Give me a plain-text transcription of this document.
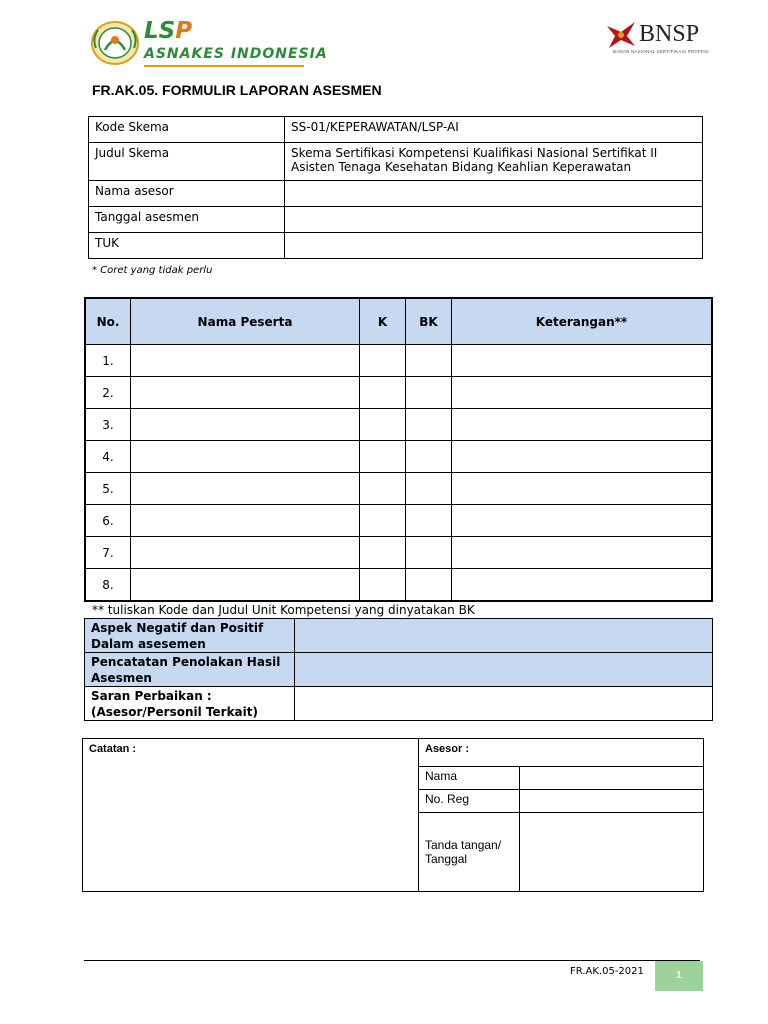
LSP
ASNAKES INDONESIA
BNSP
BADAN NASIONAL SERTIFIKASI PROFESI
FR.AK.05. FORMULIR LAPORAN ASESMEN
Kode Skema	SS-01/KEPERAWATAN/LSP-AI
Judul Skema	Skema Sertifikasi Kompetensi Kualifikasi Nasional Sertifikat II Asisten Tenaga Kesehatan Bidang Keahlian Keperawatan
Nama asesor	
Tanggal asesmen	
TUK	
* Coret yang tidak perlu
No.	Nama Peserta	K	BK	Keterangan**
1.				
2.				
3.				
4.				
5.				
6.				
7.				
8.				
** tuliskan Kode dan Judul Unit Kompetensi yang dinyatakan BK
Aspek Negatif dan Positif Dalam asesemen	
Pencatatan Penolakan Hasil Asesmen	
Saran Perbaikan : (Asesor/Personil Terkait)	
Catatan :	Asesor :	
	Nama	
	No. Reg	
	Tanda tangan/ Tanggal	
FR.AK.05-2021	1
